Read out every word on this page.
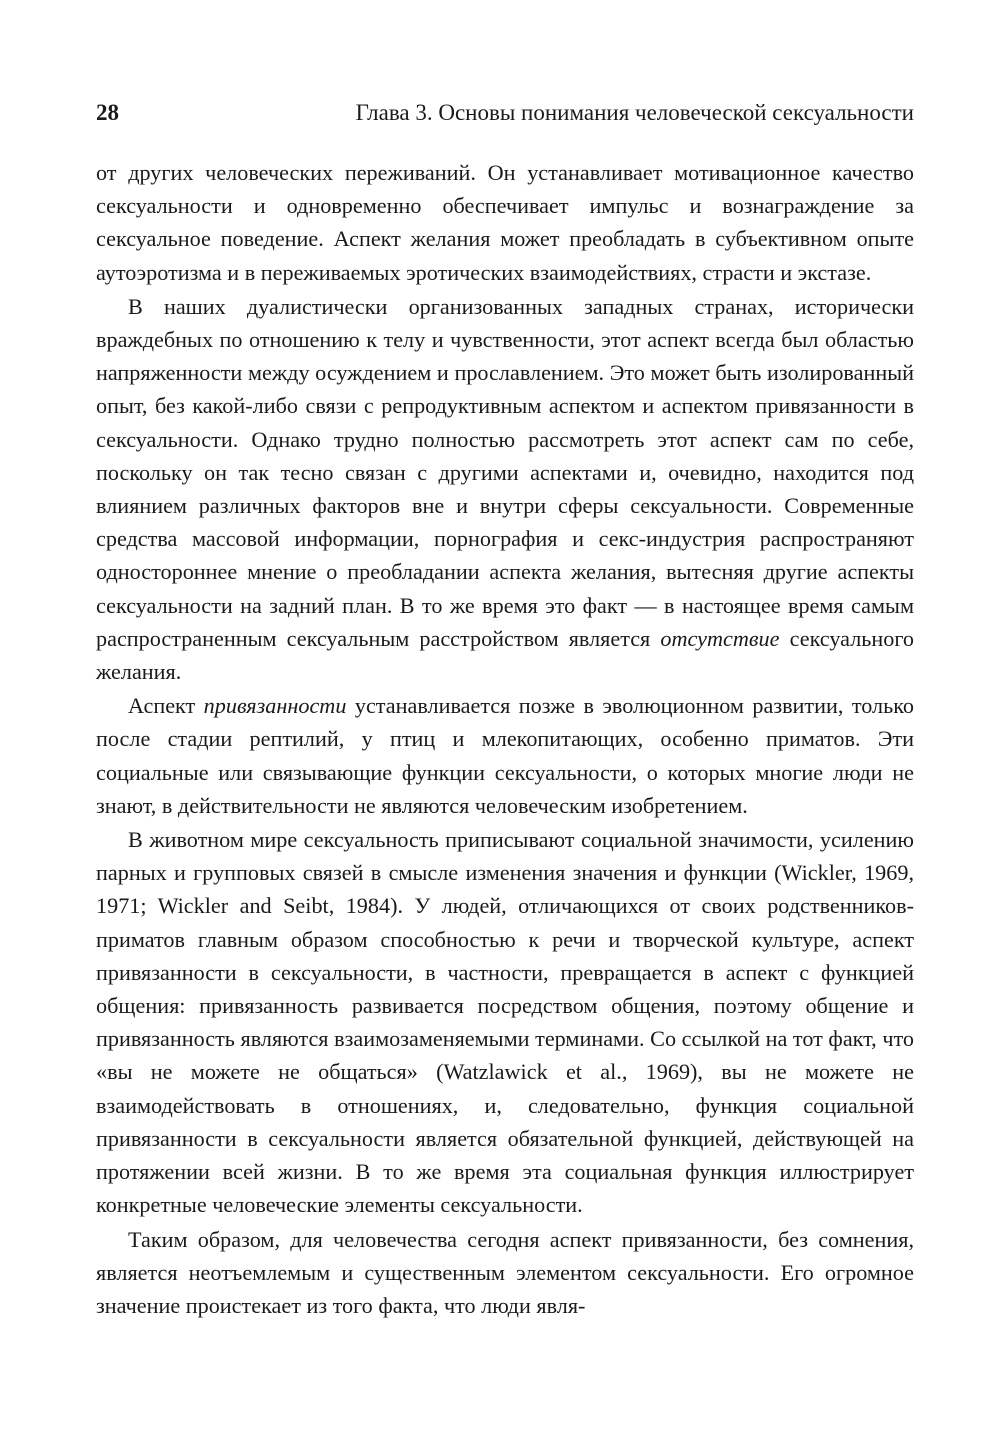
28	Глава 3. Основы понимания человеческой сексуальности

от других человеческих переживаний. Он устанавливает мотивационное качество сексуальности и одновременно обеспечивает импульс и вознаграждение за сексуальное поведение. Аспект желания может преобладать в субъективном опыте аутоэротизма и в переживаемых эротических взаимодействиях, страсти и экстазе.

В наших дуалистически организованных западных странах, исторически враждебных по отношению к телу и чувственности, этот аспект всегда был областью напряженности между осуждением и прославлением. Это может быть изолированный опыт, без какой-либо связи с репродуктивным аспектом и аспектом привязанности в сексуальности. Однако трудно полностью рассмотреть этот аспект сам по себе, поскольку он так тесно связан с другими аспектами и, очевидно, находится под влиянием различных факторов вне и внутри сферы сексуальности. Современные средства массовой информации, порнография и секс-индустрия распространяют одностороннее мнение о преобладании аспекта желания, вытесняя другие аспекты сексуальности на задний план. В то же время это факт — в настоящее время самым распространенным сексуальным расстройством является отсутствие сексуального желания.

Аспект привязанности устанавливается позже в эволюционном развитии, только после стадии рептилий, у птиц и млекопитающих, особенно приматов. Эти социальные или связывающие функции сексуальности, о которых многие люди не знают, в действительности не являются человеческим изобретением.

В животном мире сексуальность приписывают социальной значимости, усилению парных и групповых связей в смысле изменения значения и функции (Wickler, 1969, 1971; Wickler and Seibt, 1984). У людей, отличающихся от своих родственников-приматов главным образом способностью к речи и творческой культуре, аспект привязанности в сексуальности, в частности, превращается в аспект с функцией общения: привязанность развивается посредством общения, поэтому общение и привязанность являются взаимозаменяемыми терминами. Со ссылкой на тот факт, что «вы не можете не общаться» (Watzlawick et al., 1969), вы не можете не взаимодействовать в отношениях, и, следовательно, функция социальной привязанности в сексуальности является обязательной функцией, действующей на протяжении всей жизни. В то же время эта социальная функция иллюстрирует конкретные человеческие элементы сексуальности.

Таким образом, для человечества сегодня аспект привязанности, без сомнения, является неотъемлемым и существенным элементом сексуальности. Его огромное значение проистекает из того факта, что люди явля-
